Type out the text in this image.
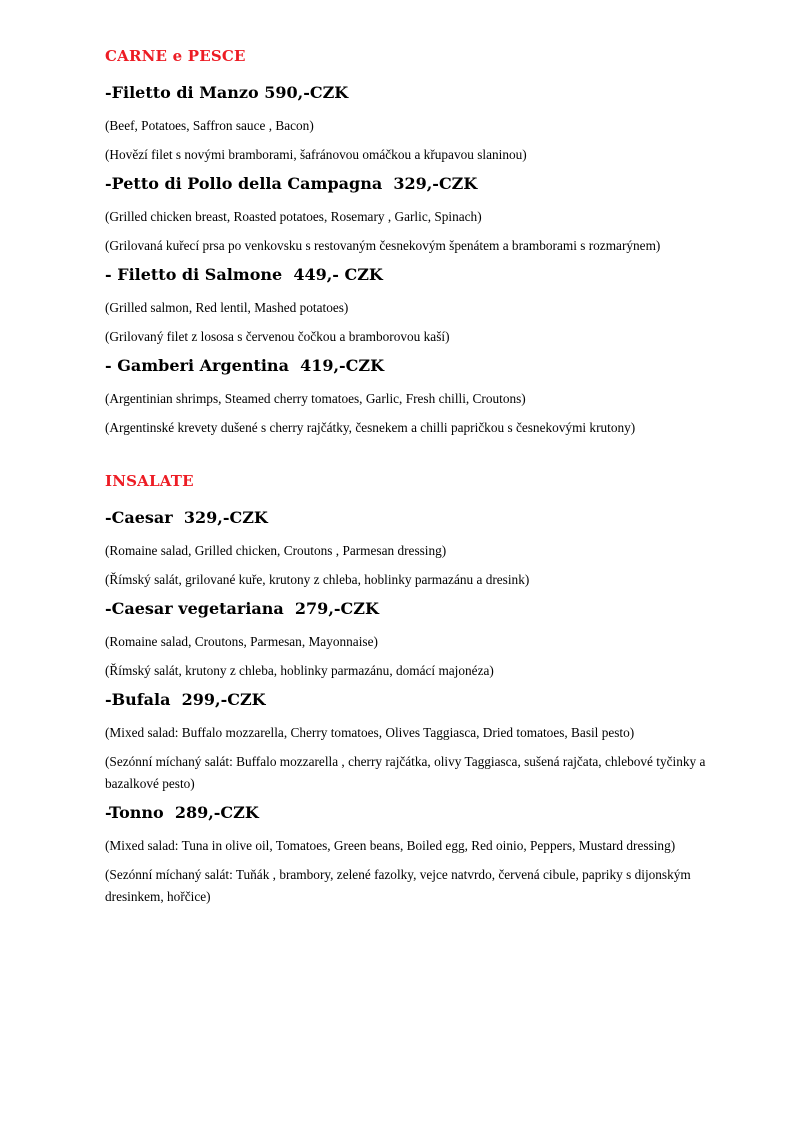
CARNE e PESCE
-Filetto di Manzo 590,-CZK

(Beef, Potatoes, Saffron sauce , Bacon)

(Hovězí filet s novými bramborami, šafránovou omáčkou a křupavou slaninou)

-Petto di Pollo della Campagna  329,-CZK

(Grilled chicken breast, Roasted potatoes, Rosemary , Garlic, Spinach)

(Grilovaná kuřecí prsa po venkovsku s restovaným česnekovým špenátem a bramborami s rozmarýnem)

- Filetto di Salmone  449,- CZK

(Grilled salmon, Red lentil, Mashed potatoes)

(Grilovaný filet z lososa s červenou čočkou a bramborovou kaší)

- Gamberi Argentina  419,-CZK

(Argentinian shrimps, Steamed cherry tomatoes, Garlic, Fresh chilli, Croutons)

(Argentinské krevety dušené s cherry rajčátky, česnekem a chilli papričkou s česnekovými krutony)

INSALATE
-Caesar  329,-CZK

(Romaine salad, Grilled chicken, Croutons , Parmesan dressing)

(Římský salát, grilované kuře, krutony z chleba, hoblinky parmazánu a dresink)

-Caesar vegetariana  279,-CZK

(Romaine salad, Croutons, Parmesan, Mayonnaise)

(Římský salát, krutony z chleba, hoblinky parmazánu, domácí majonéza)

-Bufala  299,-CZK

(Mixed salad: Buffalo mozzarella, Cherry tomatoes, Olives Taggiasca, Dried tomatoes, Basil pesto)

(Sezónní míchaný salát: Buffalo mozzarella , cherry rajčátka, olivy Taggiasca, sušená rajčata, chlebové tyčinky a bazalkové pesto)

-Tonno  289,-CZK

(Mixed salad: Tuna in olive oil, Tomatoes, Green beans, Boiled egg, Red oinio, Peppers, Mustard dressing)

(Sezónní míchaný salát: Tuňák , brambory, zelené fazolky, vejce natvrdo, červená cibule, papriky s dijonským dresinkem, hořčice)
